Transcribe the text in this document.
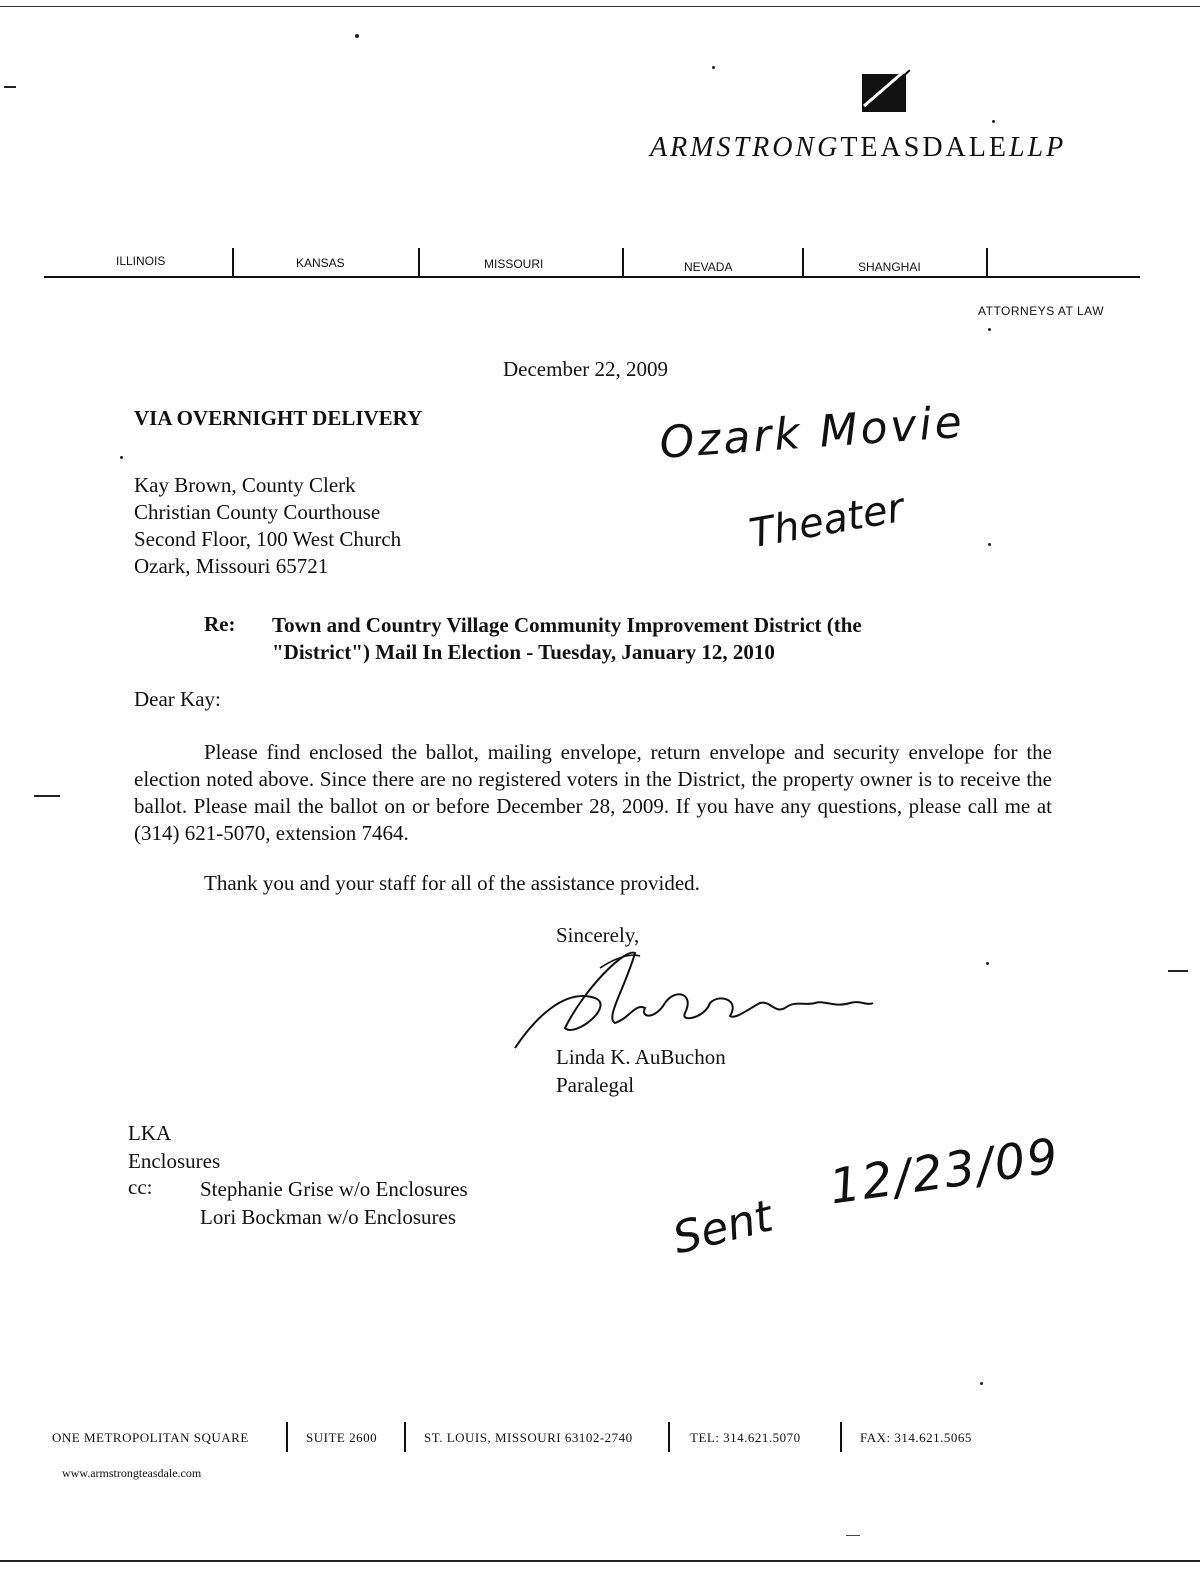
ARMSTRONGTEASDALELLP
ILLINOIS	KANSAS	MISSOURI	NEVADA	SHANGHAI
ATTORNEYS AT LAW
December 22, 2009
VIA OVERNIGHT DELIVERY
Kay Brown, County Clerk
Christian County Courthouse
Second Floor, 100 West Church
Ozark, Missouri 65721
Re: Town and Country Village Community Improvement District (the
"District") Mail In Election - Tuesday, January 12, 2010
Dear Kay:
Please find enclosed the ballot, mailing envelope, return envelope and security envelope for the election noted above. Since there are no registered voters in the District, the property owner is to receive the ballot. Please mail the ballot on or before December 28, 2009. If you have any questions, please call me at (314) 621-5070, extension 7464.
Thank you and your staff for all of the assistance provided.
Sincerely,
Linda K. AuBuchon
Paralegal
LKA
Enclosures
cc: Stephanie Grise w/o Enclosures
Lori Bockman w/o Enclosures
Ozark Movie
Theater
Sent
12/23/09
ONE METROPOLITAN SQUARE	SUITE 2600	ST. LOUIS, MISSOURI 63102-2740	TEL: 314.621.5070	FAX: 314.621.5065
www.armstrongteasdale.com
